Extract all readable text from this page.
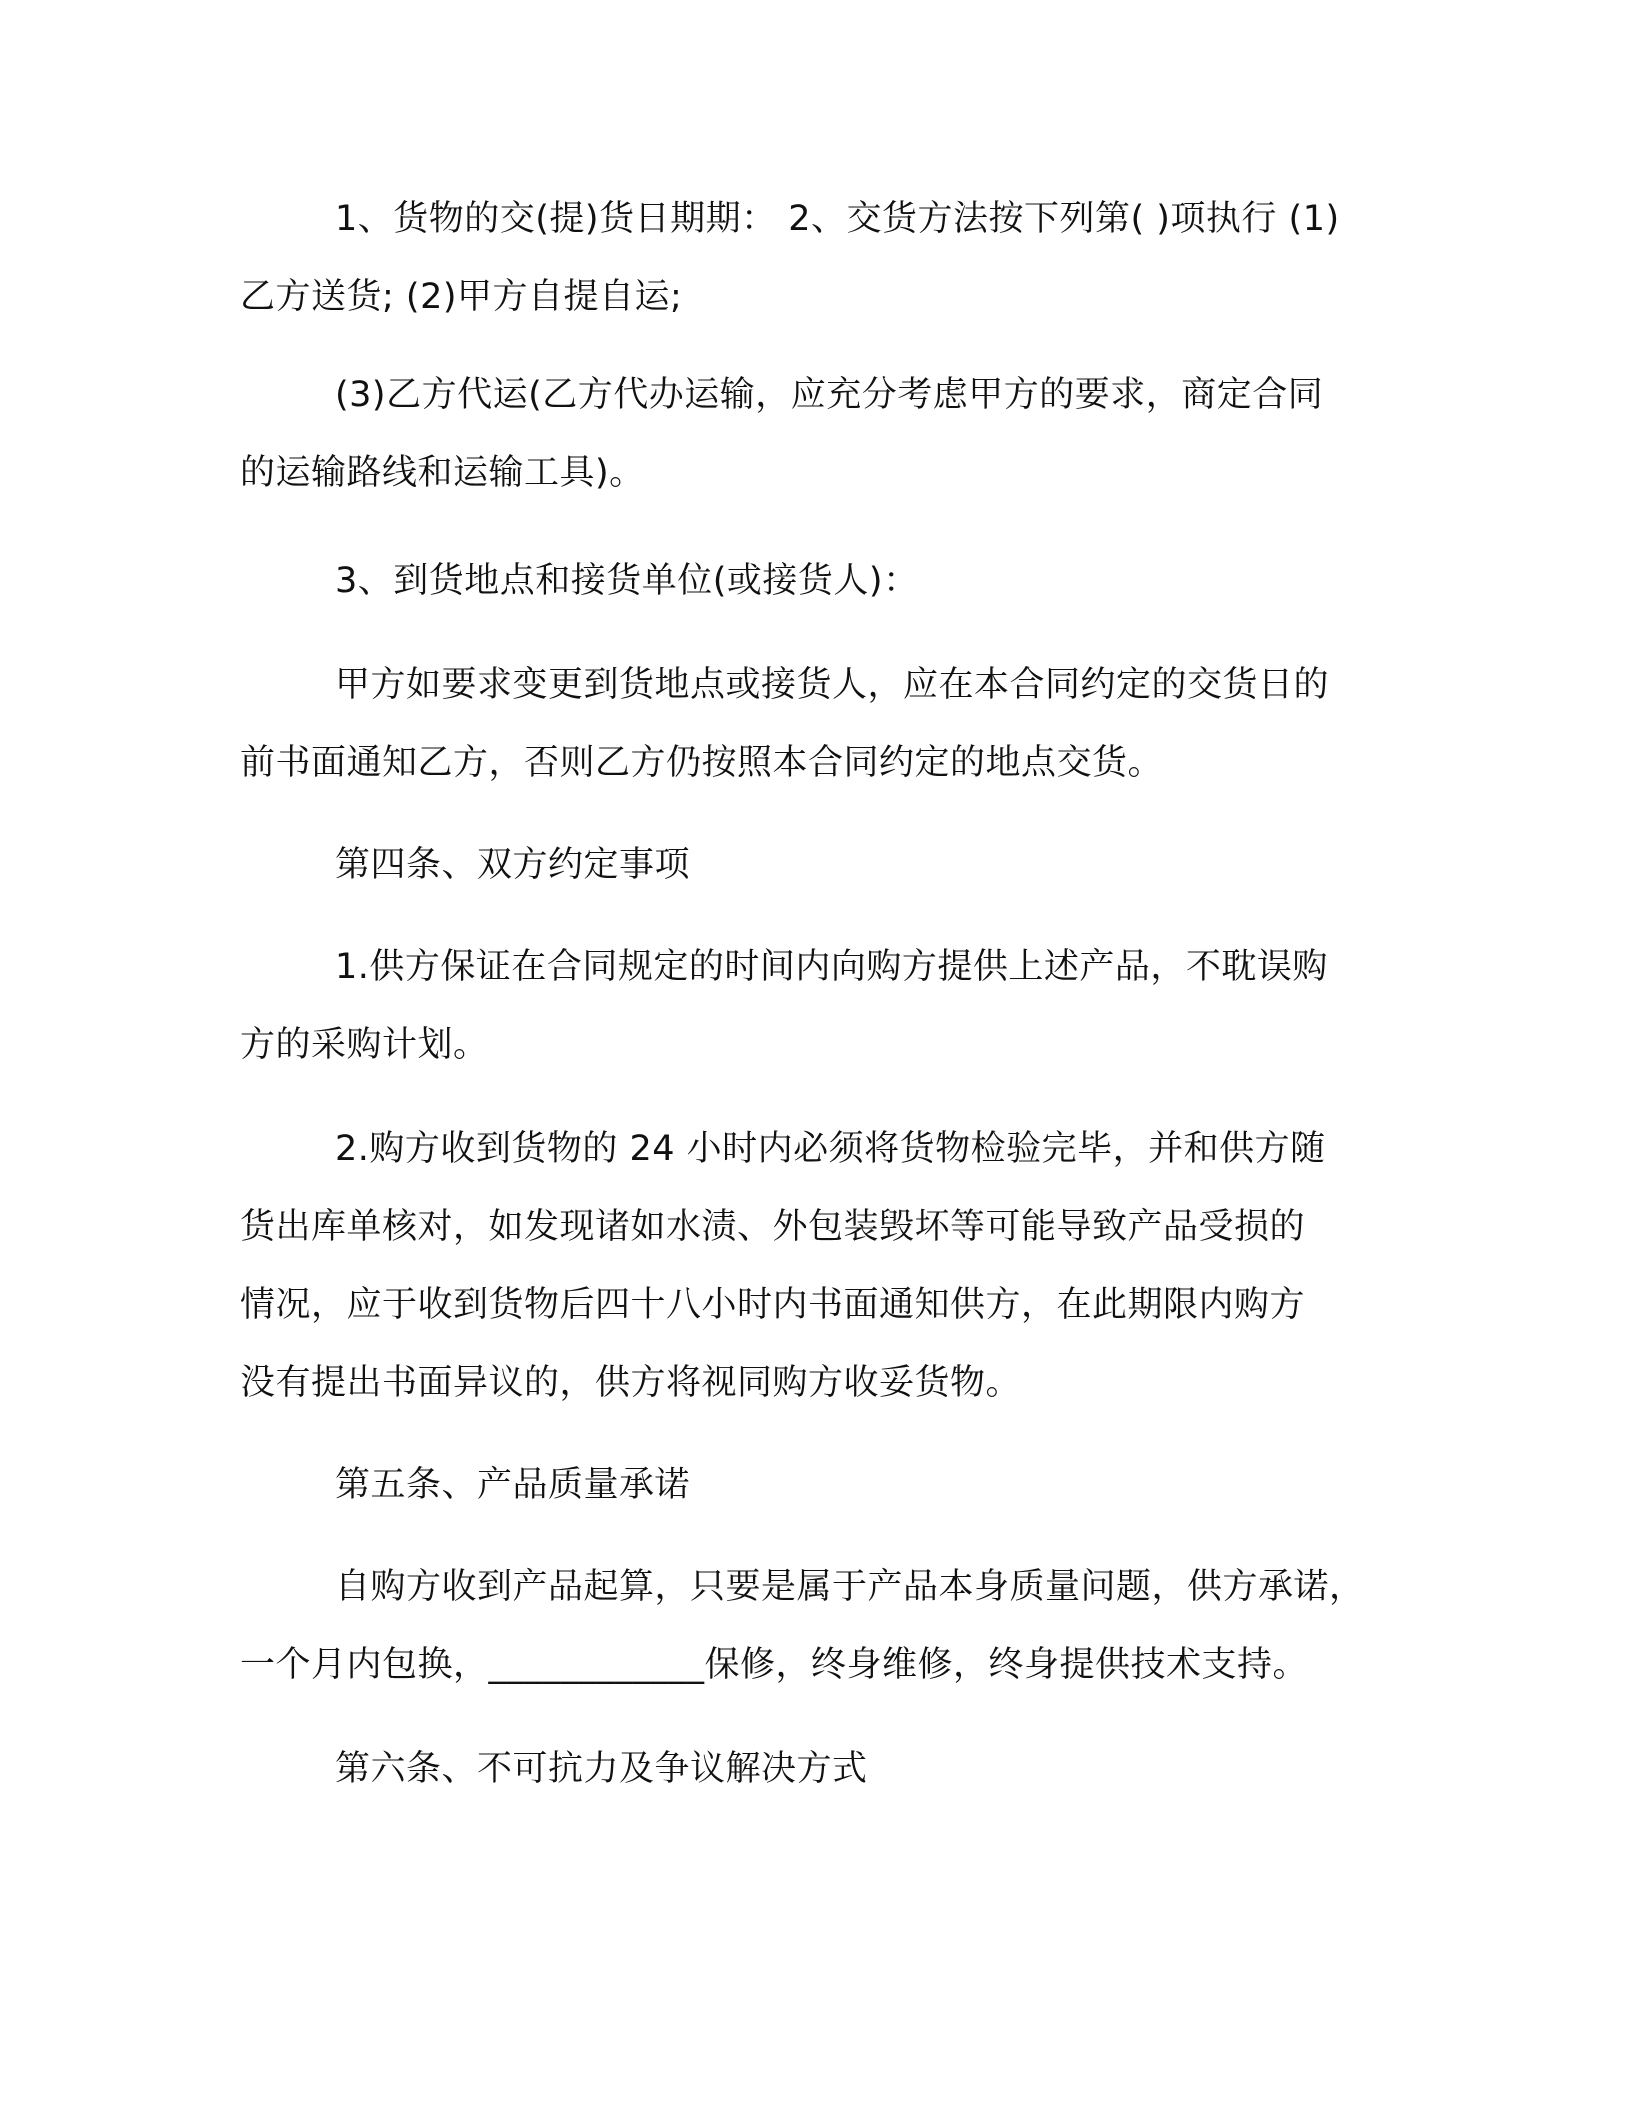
1、货物的交(提)货日期期： 2、交货方法按下列第( )项执行 (1)
乙方送货; (2)甲方自提自运;

(3)乙方代运(乙方代办运输，应充分考虑甲方的要求，商定合同
的运输路线和运输工具)。

3、到货地点和接货单位(或接货人)：

甲方如要求变更到货地点或接货人，应在本合同约定的交货日的
前书面通知乙方，否则乙方仍按照本合同约定的地点交货。

第四条、双方约定事项

1.供方保证在合同规定的时间内向购方提供上述产品，不耽误购
方的采购计划。

2.购方收到货物的 24 小时内必须将货物检验完毕，并和供方随
货出库单核对，如发现诸如水渍、外包装毁坏等可能导致产品受损的
情况，应于收到货物后四十八小时内书面通知供方，在此期限内购方
没有提出书面异议的，供方将视同购方收妥货物。

第五条、产品质量承诺

自购方收到产品起算，只要是属于产品本身质量问题，供方承诺，
一个月内包换，____________保修，终身维修，终身提供技术支持。

第六条、不可抗力及争议解决方式
